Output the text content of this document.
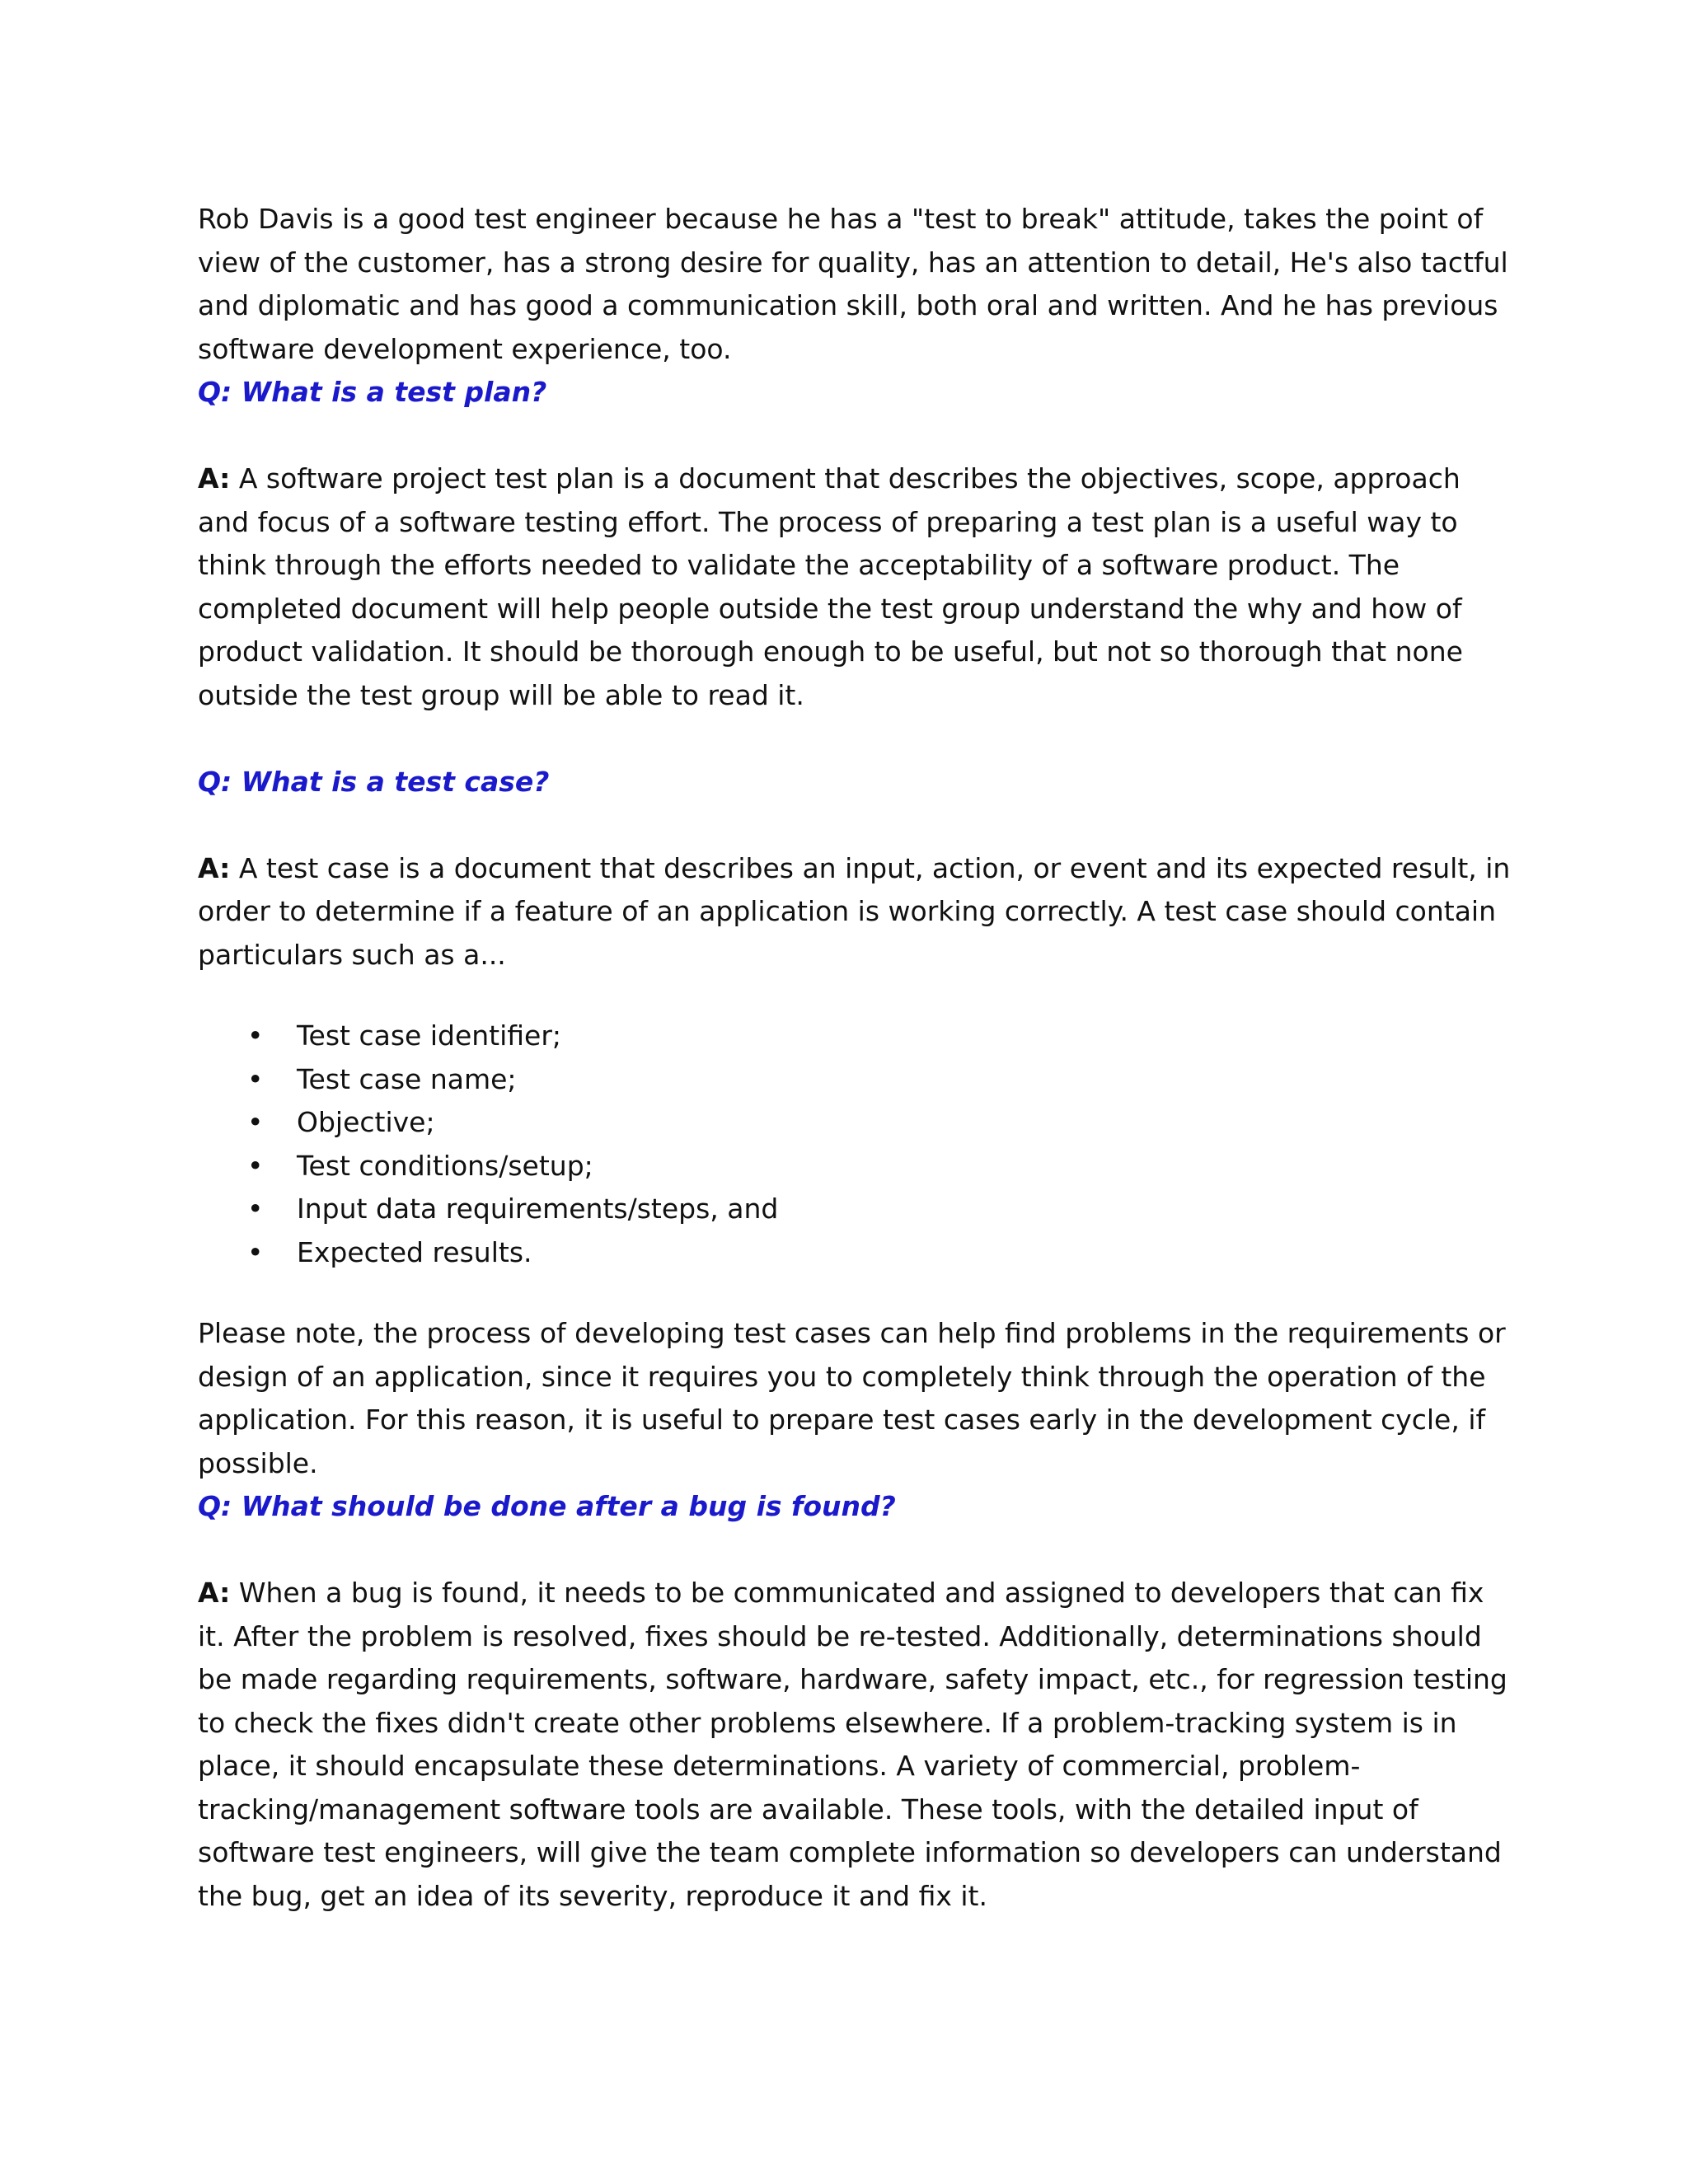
Rob Davis is a good test engineer because he has a "test to break" attitude, takes the point of view of the customer, has a strong desire for quality, has an attention to detail, He's also tactful and diplomatic and has good a communication skill, both oral and written. And he has previous software development experience, too.

Q: What is a test plan?

A: A software project test plan is a document that describes the objectives, scope, approach and focus of a software testing effort. The process of preparing a test plan is a useful way to think through the efforts needed to validate the acceptability of a software product. The completed document will help people outside the test group understand the why and how of product validation. It should be thorough enough to be useful, but not so thorough that none outside the test group will be able to read it.

Q: What is a test case?

A: A test case is a document that describes an input, action, or event and its expected result, in order to determine if a feature of an application is working correctly. A test case should contain particulars such as a...

• Test case identifier;
• Test case name;
• Objective;
• Test conditions/setup;
• Input data requirements/steps, and
• Expected results.

Please note, the process of developing test cases can help find problems in the requirements or design of an application, since it requires you to completely think through the operation of the application. For this reason, it is useful to prepare test cases early in the development cycle, if possible.

Q: What should be done after a bug is found?

A: When a bug is found, it needs to be communicated and assigned to developers that can fix it. After the problem is resolved, fixes should be re-tested. Additionally, determinations should be made regarding requirements, software, hardware, safety impact, etc., for regression testing to check the fixes didn't create other problems elsewhere. If a problem-tracking system is in place, it should encapsulate these determinations. A variety of commercial, problem-tracking/management software tools are available. These tools, with the detailed input of software test engineers, will give the team complete information so developers can understand the bug, get an idea of its severity, reproduce it and fix it.
